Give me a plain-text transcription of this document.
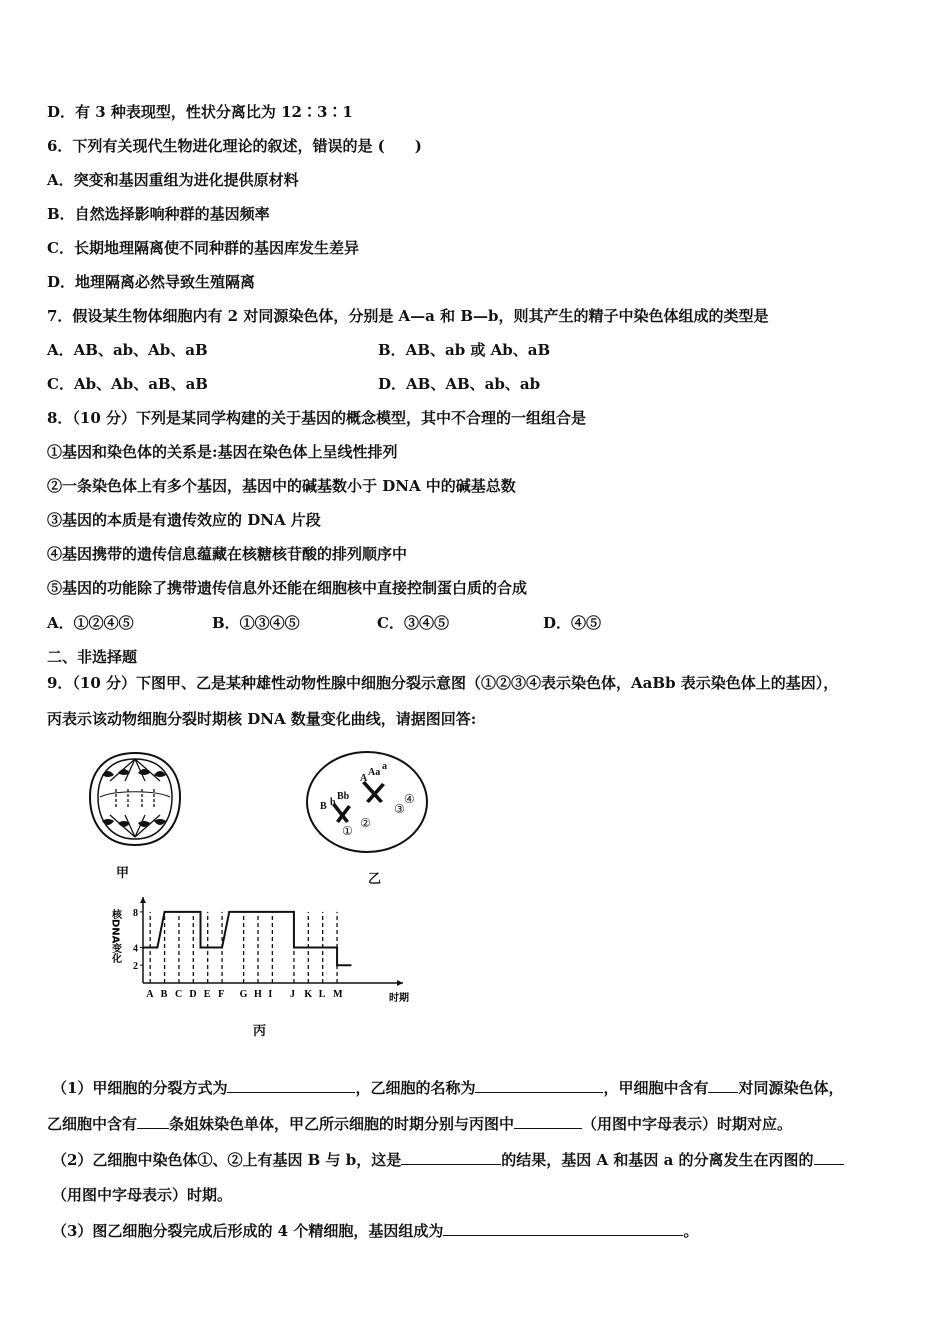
D．有 3 种表现型，性状分离比为 12∶3∶1
6．下列有关现代生物进化理论的叙述，错误的是 (　　)
A．突变和基因重组为进化提供原材料
B．自然选择影响种群的基因频率
C．长期地理隔离使不同种群的基因库发生差异
D．地理隔离必然导致生殖隔离
7．假设某生物体细胞内有 2 对同源染色体，分别是 A—a 和 B—b，则其产生的精子中染色体组成的类型是
A．AB、ab、Ab、aB	B．AB、ab 或 Ab、aB
C．Ab、Ab、aB、aB	D．AB、AB、ab、ab
8．（10 分）下列是某同学构建的关于基因的概念模型，其中不合理的一组组合是
①基因和染色体的关系是:基因在染色体上呈线性排列
②一条染色体上有多个基因，基因中的碱基数小于 DNA 中的碱基总数
③基因的本质是有遗传效应的 DNA 片段
④基因携带的遗传信息蕴藏在核糖核苷酸的排列顺序中
⑤基因的功能除了携带遗传信息外还能在细胞核中直接控制蛋白质的合成
A．①②④⑤	B．①③④⑤	C．③④⑤	D．④⑤
二、非选择题
9．（10 分）下图甲、乙是某种雄性动物性腺中细胞分裂示意图（①②③④表示染色体，AaBb 表示染色体上的基因），
丙表示该动物细胞分裂时期核 DNA 数量变化曲线，请据图回答:
甲
B b
Bb
A
Aa
a
①
②
③
④
乙
2
4
8
核DNA变化
时期
A B C D E F G H I J K L M
丙
（1）甲细胞的分裂方式为	，乙细胞的名称为	，甲细胞中含有 对同源染色体，
乙细胞中含有 条姐妹染色单体，甲乙所示细胞的时期分别与丙图中	（用图中字母表示）时期对应。
（2）乙细胞中染色体①、②上有基因 B 与 b，这是	的结果，基因 A 和基因 a 的分离发生在丙图的
（用图中字母表示）时期。
（3）图乙细胞分裂完成后形成的 4 个精细胞，基因组成为	。
